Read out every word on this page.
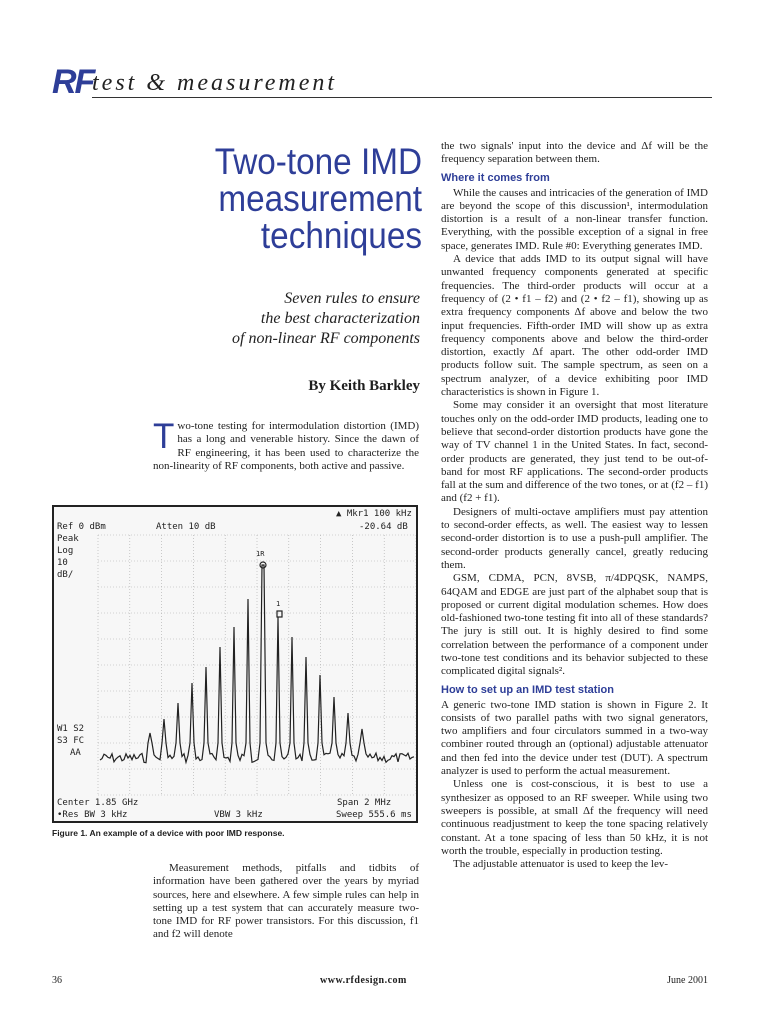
RF
test & measurement
Two-tone IMD
measurement
techniques
Seven rules to ensure
the best characterization
of non-linear RF components
By Keith Barkley
Two-tone testing for intermodulation distortion (IMD) has a long and venerable history. Since the dawn of RF engineering, it has been used to characterize the non-linearity of RF components, both active and passive.
Ref 0 dBm	Atten 10 dB
▲ Mkr1 100 kHz
-20.64 dB
Peak
Log
10
dB/
W1 S2
S3 FC
AA
Center 1.85 GHz	Span 2 MHz
•Res BW 3 kHz	VBW 3 kHz	Sweep 555.6 ms
1R
1
Figure 1. An example of a device with poor IMD response.
Measurement methods, pitfalls and tidbits of information have been gathered over the years by myriad sources, here and elsewhere. A few simple rules can help in setting up a test system that can accurately measure two-tone IMD for RF power transistors. For this discussion, f1 and f2 will denote

the two signals' input into the device and Δf will be the frequency separation between them.

Where it comes from

While the causes and intricacies of the generation of IMD are beyond the scope of this discussion¹, intermodulation distortion is a result of a non-linear transfer function. Everything, with the possible exception of a signal in free space, generates IMD. Rule #0: Everything generates IMD.

A device that adds IMD to its output signal will have unwanted frequency components generated at specific frequencies. The third-order products will occur at a frequency of (2 • f1 – f2) and (2 • f2 – f1), showing up as extra frequency components Δf above and below the two input frequencies. Fifth-order IMD will show up as extra frequency components above and below the third-order distortion, exactly Δf apart. The other odd-order IMD products follow suit. The sample spectrum, as seen on a spectrum analyzer, of a device exhibiting poor IMD characteristics is shown in Figure 1.

Some may consider it an oversight that most literature touches only on the odd-order IMD products, leading one to believe that second-order distortion products have gone the way of TV channel 1 in the United States. In fact, second-order products are generated, they just tend to be out-of-band for most RF applications. The second-order products fall at the sum and difference of the two tones, or at (f2 – f1) and (f2 + f1).

Designers of multi-octave amplifiers must pay attention to second-order effects, as well. The easiest way to lessen second-order distortion is to use a push-pull amplifier. The second-order products generally cancel, greatly reducing them.

GSM, CDMA, PCN, 8VSB, π/4DPQSK, NAMPS, 64QAM and EDGE are just part of the alphabet soup that is proposed or current digital modulation schemes. How does old-fashioned two-tone testing fit into all of these standards? The jury is still out. It is highly desired to find some correlation between the performance of a component under two-tone test conditions and its behavior subjected to these complicated digital signals².

How to set up an IMD test station

A generic two-tone IMD station is shown in Figure 2. It consists of two parallel paths with two signal generators, two amplifiers and four circulators summed in a two-way combiner routed through an (optional) adjustable attenuator and then fed into the device under test (DUT). A spectrum analyzer is used to perform the actual measurement.

Unless one is cost-conscious, it is best to use a synthesizer as opposed to an RF sweeper. While using two sweepers is possible, at small Δf the frequency will need continuous readjustment to keep the tone spacing relatively constant. At a tone spacing of less than 50 kHz, it is not worth the trouble, especially in production testing.

The adjustable attenuator is used to keep the lev-

36	www.rfdesign.com	June 2001
